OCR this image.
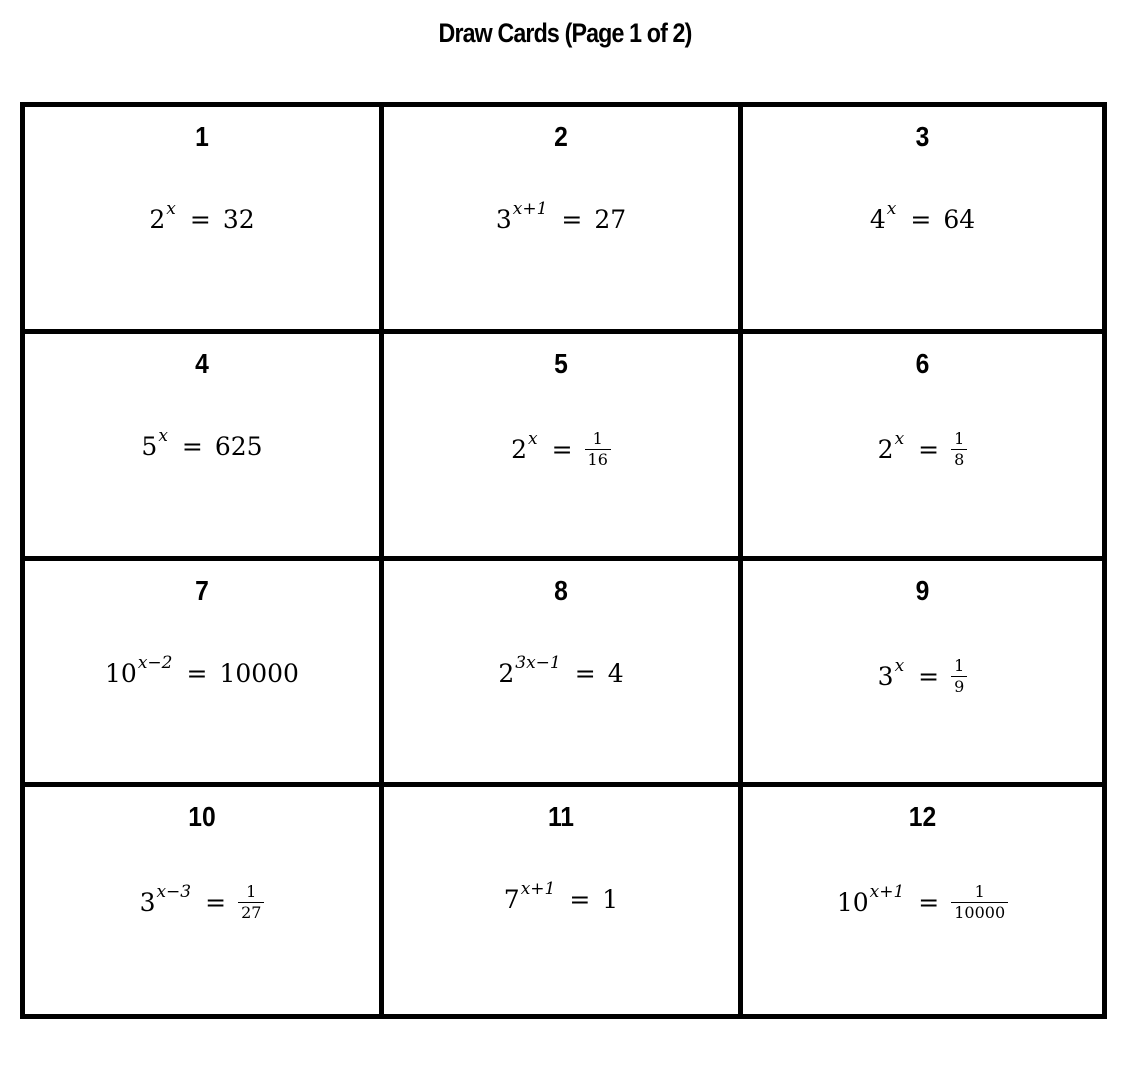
Draw Cards (Page 1 of 2)
1
$2^x = 32$
2
$3^{x+1} = 27$
3
$4^x = 64$
4
$5^x = 625$
5
$2^x = \frac{1}{16}$
6
$2^x = \frac{1}{8}$
7
$10^{x-2} = 10000$
8
$2^{3x-1} = 4$
9
$3^x = \frac{1}{9}$
10
$3^{x-3} = \frac{1}{27}$
11
$7^{x+1} = 1$
12
$10^{x+1} = \frac{1}{10000}$
